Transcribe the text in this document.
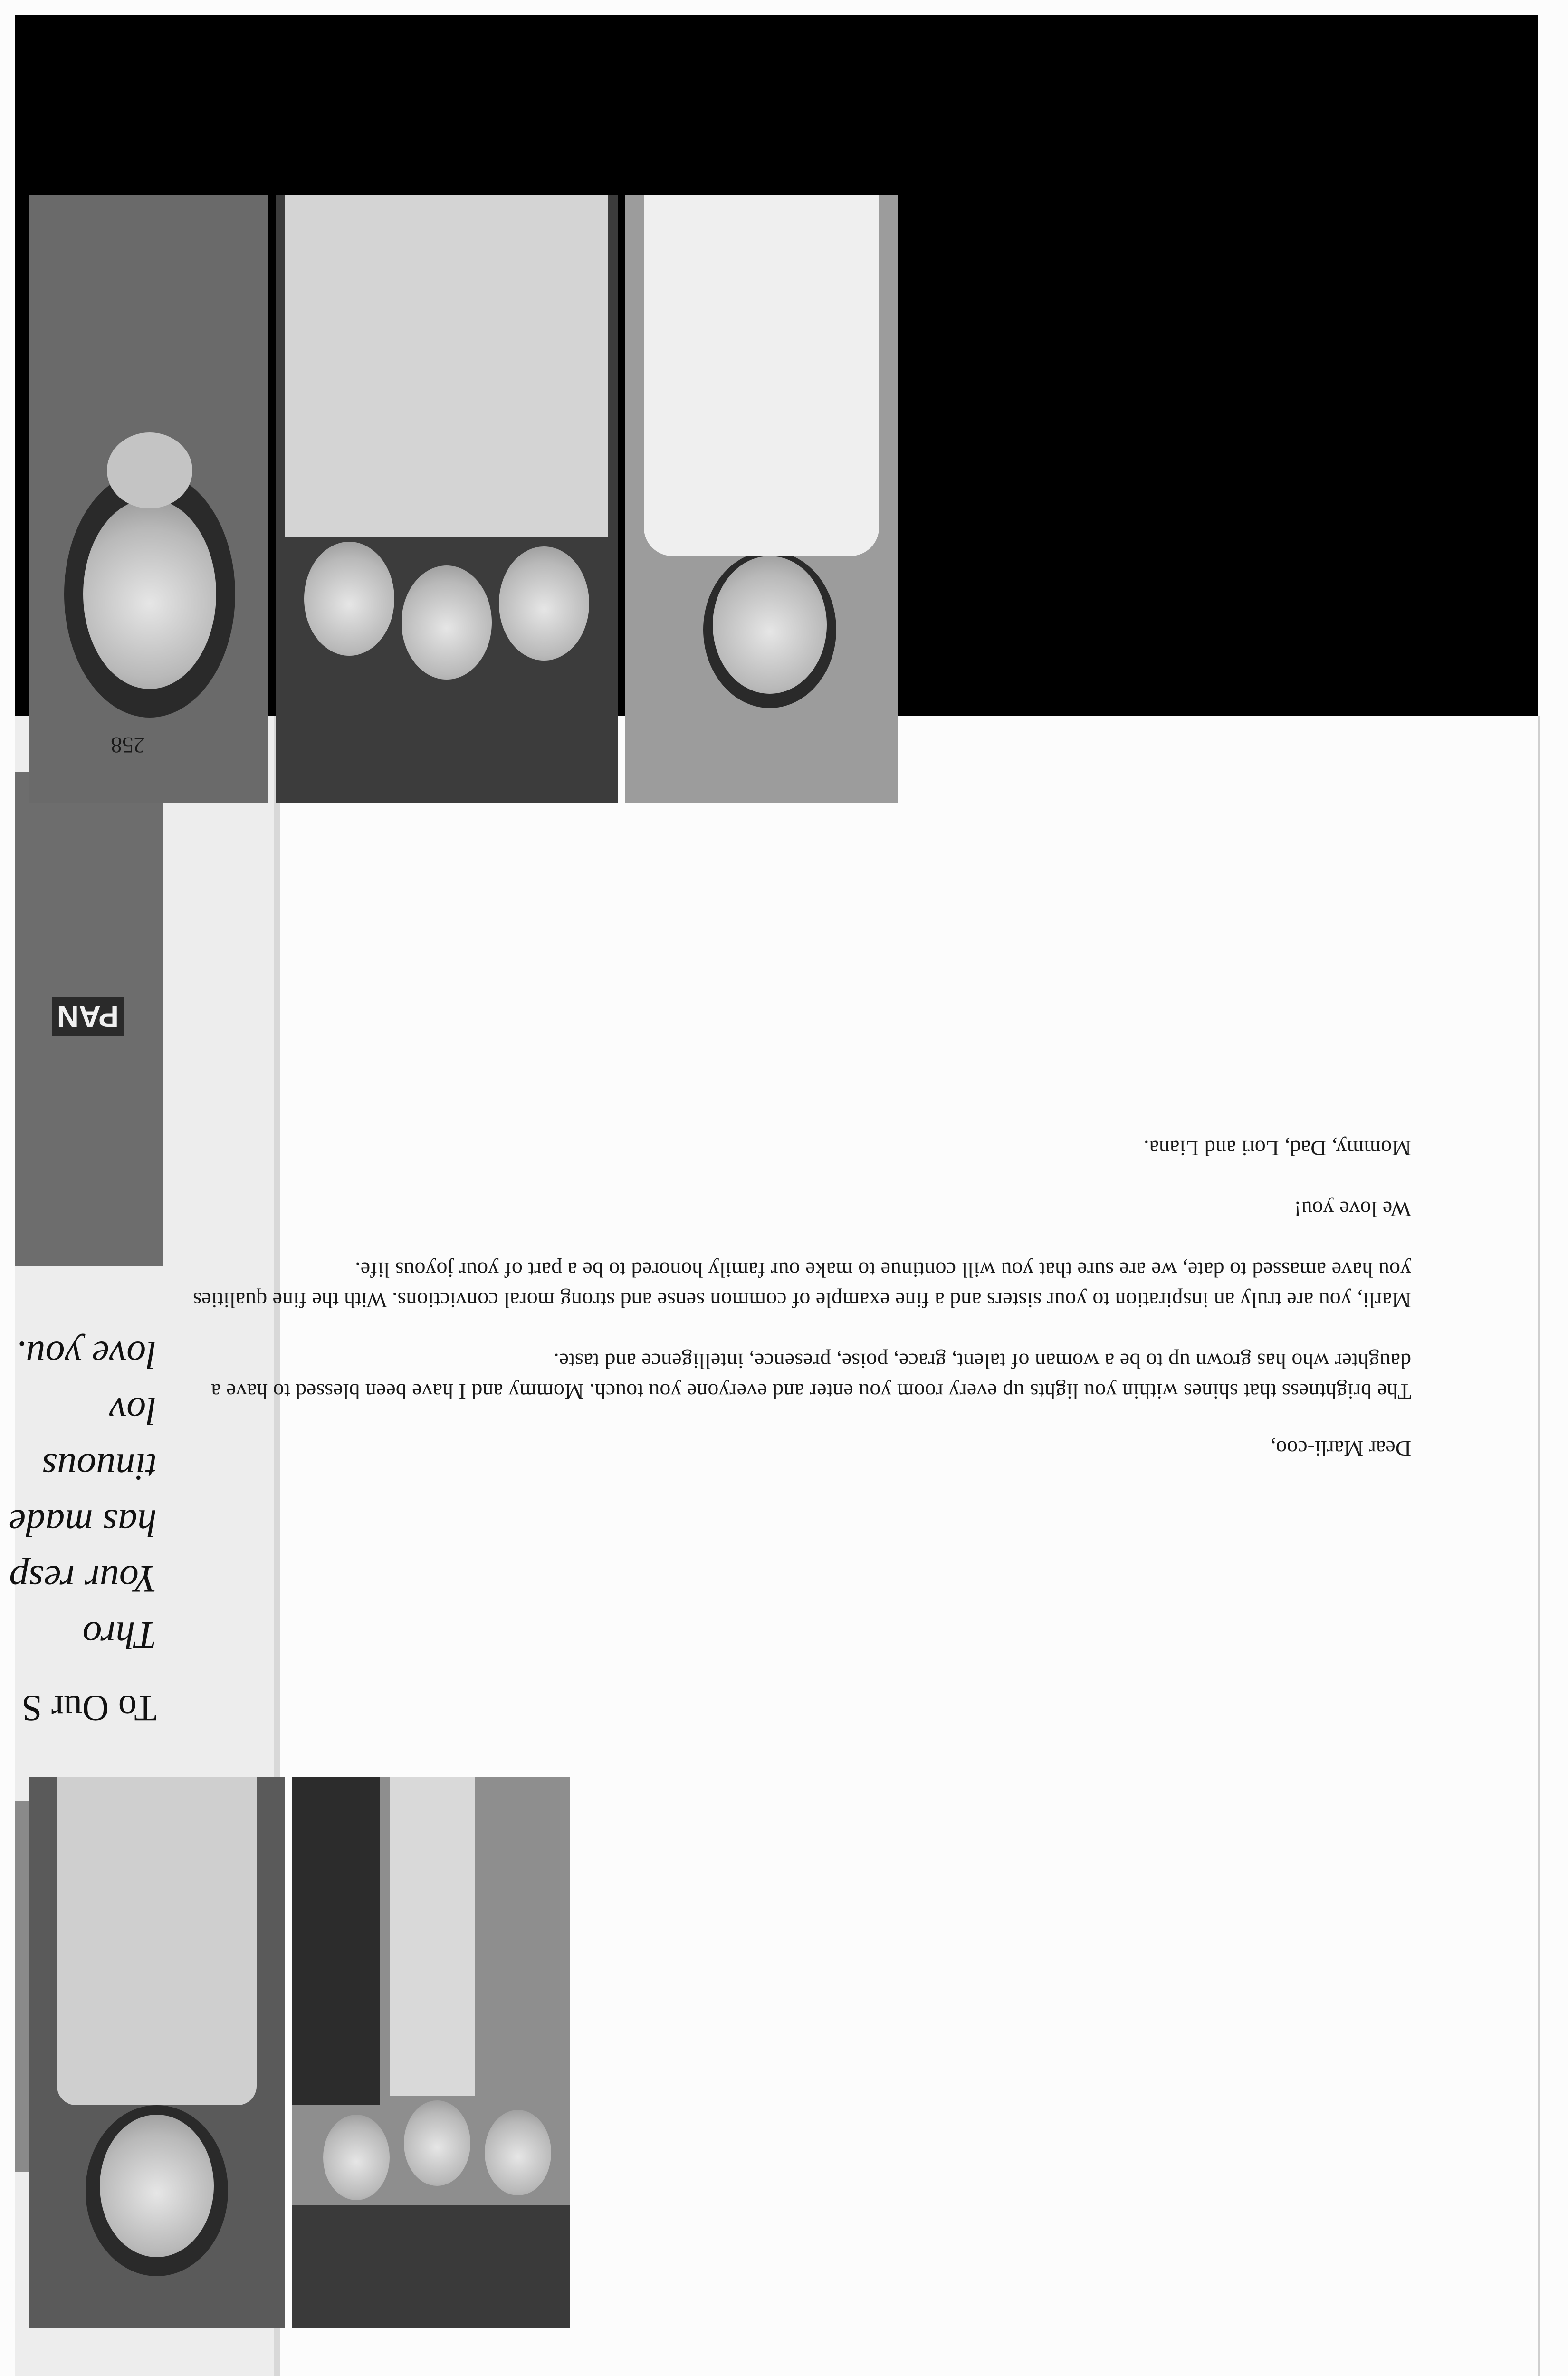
Dear Marli-coo,

The brightness that shines within you lights up every room you enter and everyone you touch. Mommy and I have been blessed to have a daughter who has grown up to be a woman of talent, grace, poise, presence, intelligence and taste.

Marli, you are truly an inspiration to your sisters and a fine example of common sense and strong moral convictions. With the fine qualities you have amassed to date, we are sure that you will continue to make our family honored to be a part of your joyous life.

We love you!

Mommy, Dad, Lori and Liana.

258
To Our S
Thro
Your resp
has made
tinuous lov
love you.
PAN
